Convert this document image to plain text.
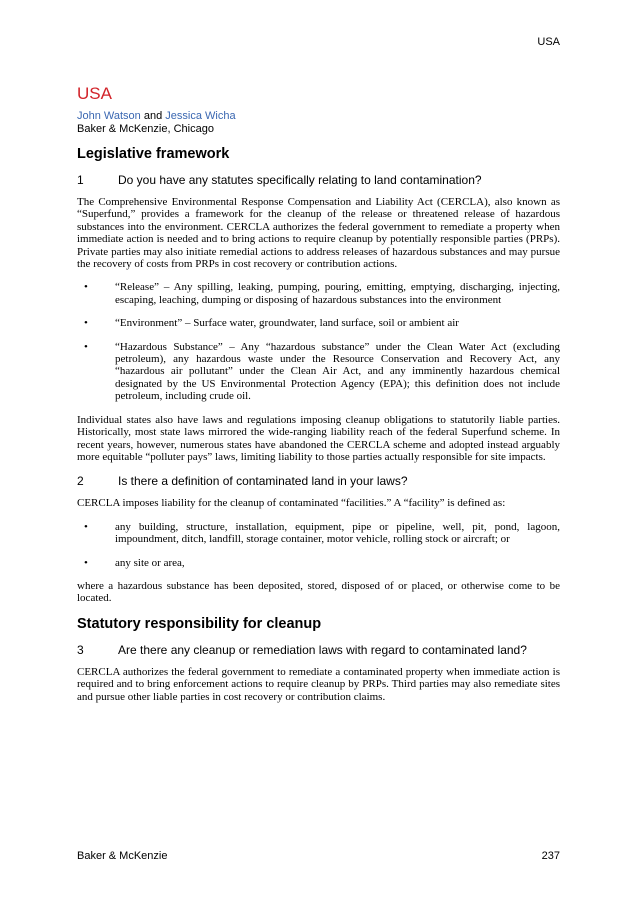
USA
USA

John Watson and Jessica Wicha

Baker & McKenzie, Chicago

Legislative framework
1	Do you have any statutes specifically relating to land contamination?

The Comprehensive Environmental Response Compensation and Liability Act (CERCLA), also known as “Superfund,” provides a framework for the cleanup of the release or threatened release of hazardous substances into the environment. CERCLA authorizes the federal government to remediate a property when immediate action is needed and to bring actions to require cleanup by potentially responsible parties (PRPs). Private parties may also initiate remedial actions to address releases of hazardous substances and may pursue the recovery of costs from PRPs in cost recovery or contribution actions.

•	“Release” – Any spilling, leaking, pumping, pouring, emitting, emptying, discharging, injecting, escaping, leaching, dumping or disposing of hazardous substances into the environment
•	“Environment” – Surface water, groundwater, land surface, soil or ambient air
•	“Hazardous Substance” – Any “hazardous substance” under the Clean Water Act (excluding petroleum), any hazardous waste under the Resource Conservation and Recovery Act, any “hazardous air pollutant” under the Clean Air Act, and any imminently hazardous chemical designated by the US Environmental Protection Agency (EPA); this definition does not include petroleum, including crude oil.

Individual states also have laws and regulations imposing cleanup obligations to statutorily liable parties. Historically, most state laws mirrored the wide-ranging liability reach of the federal Superfund scheme. In recent years, however, numerous states have abandoned the CERCLA scheme and adopted instead arguably more equitable “polluter pays” laws, limiting liability to those parties actually responsible for site impacts.

2	Is there a definition of contaminated land in your laws?

CERCLA imposes liability for the cleanup of contaminated “facilities.” A “facility” is defined as:

•	any building, structure, installation, equipment, pipe or pipeline, well, pit, pond, lagoon, impoundment, ditch, landfill, storage container, motor vehicle, rolling stock or aircraft; or
•	any site or area,

where a hazardous substance has been deposited, stored, disposed of or placed, or otherwise come to be located.

Statutory responsibility for cleanup
3	Are there any cleanup or remediation laws with regard to contaminated land?

CERCLA authorizes the federal government to remediate a contaminated property when immediate action is required and to bring enforcement actions to require cleanup by PRPs. Third parties may also remediate sites and pursue other liable parties in cost recovery or contribution claims.

Baker & McKenzie	237
